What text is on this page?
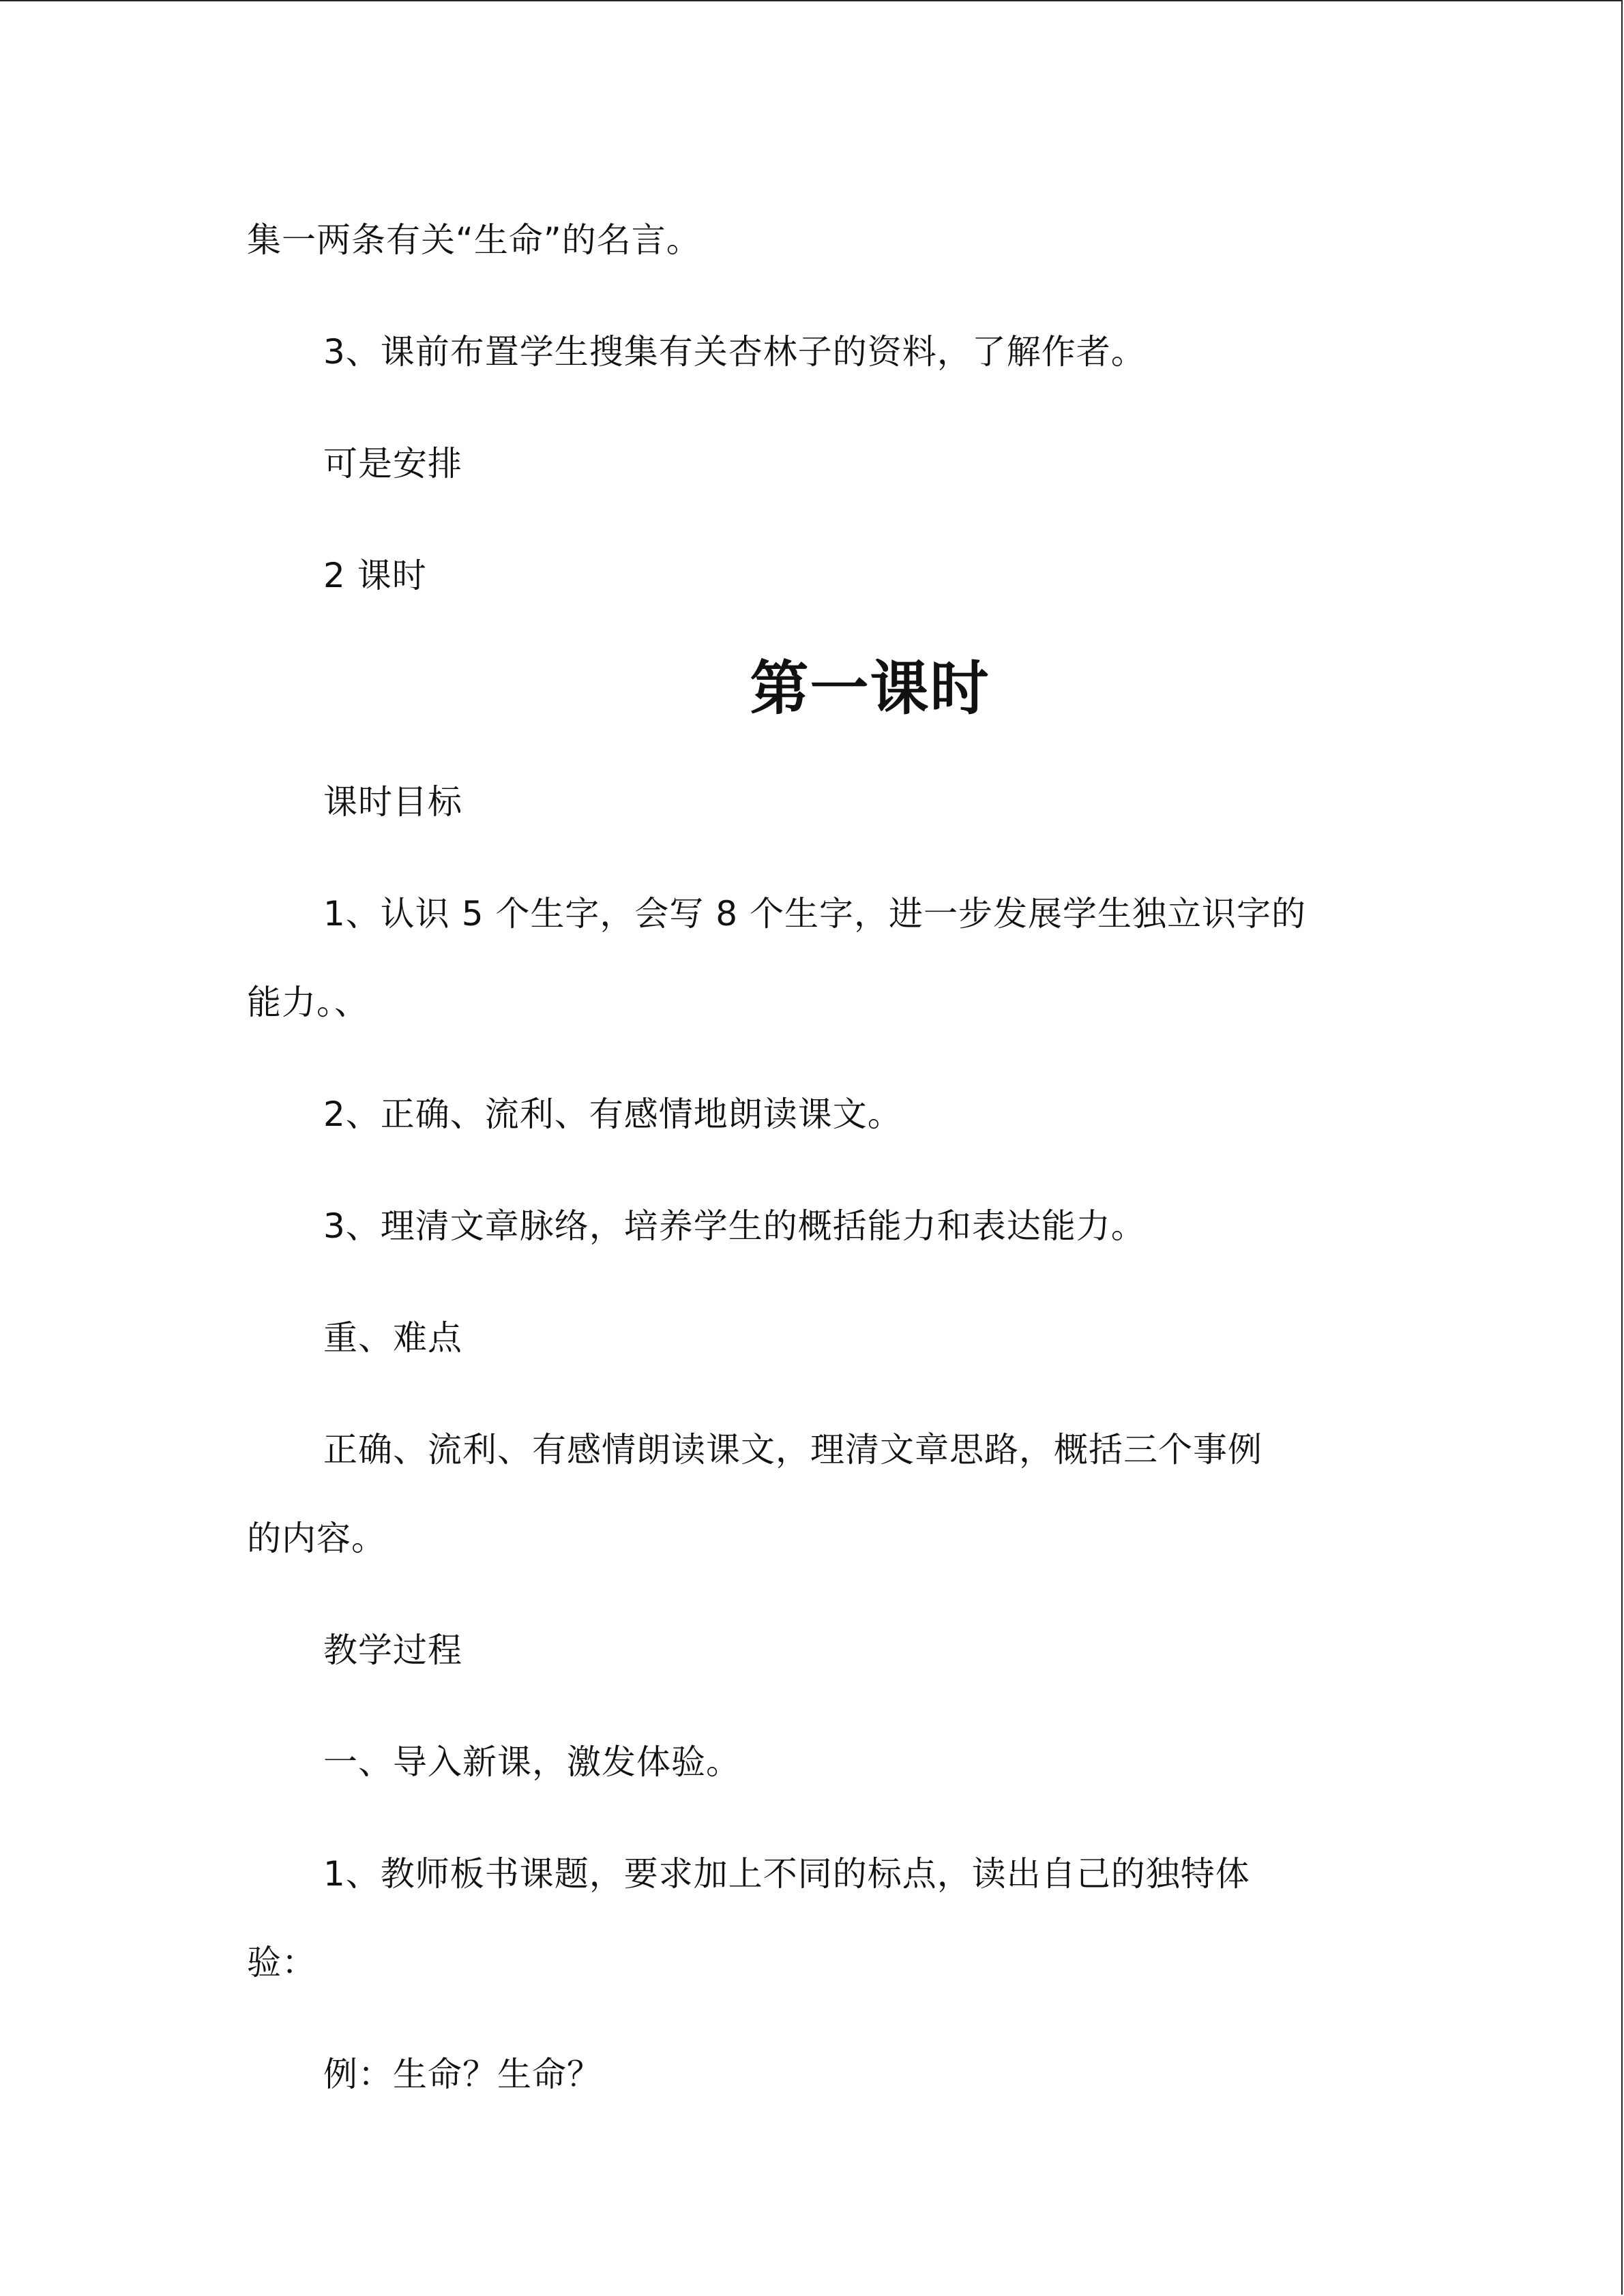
集一两条有关“生命”的名言。
3、课前布置学生搜集有关杏林子的资料，了解作者。
可是安排
2 课时
第一课时
课时目标
1、认识 5 个生字，会写 8 个生字，进一步发展学生独立识字的
能力。、
2、正确、流利、有感情地朗读课文。
3、理清文章脉络，培养学生的概括能力和表达能力。
重、难点
正确、流利、有感情朗读课文，理清文章思路，概括三个事例
的内容。
教学过程
一、导入新课，激发体验。
1、教师板书课题，要求加上不同的标点，读出自己的独特体
验：
例：生命？生命？
